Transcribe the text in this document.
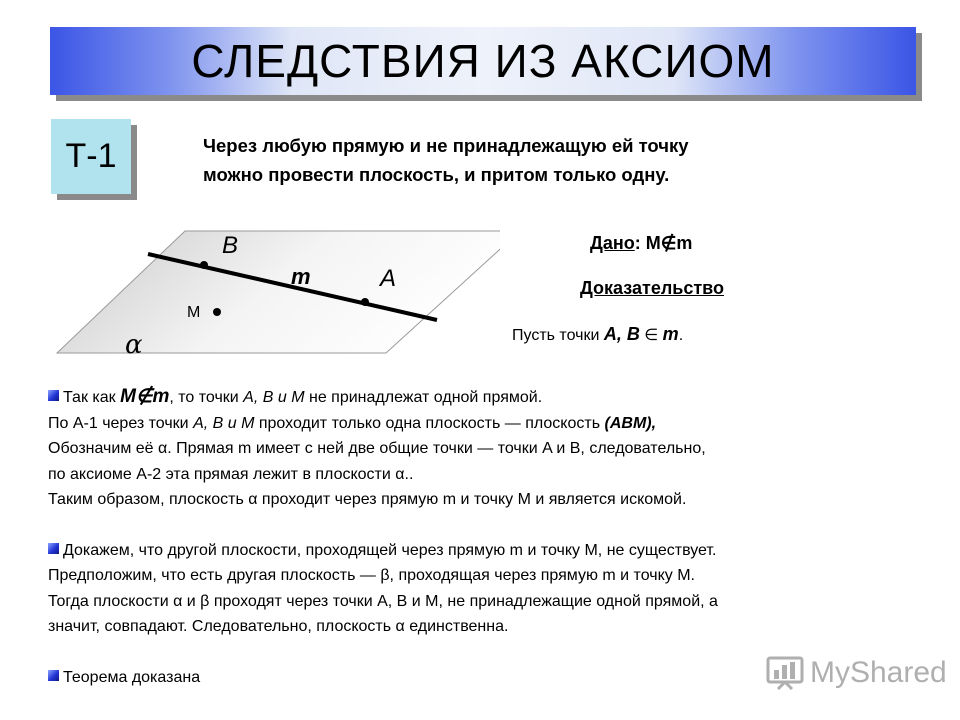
СЛЕДСТВИЯ ИЗ АКСИОМ
Т-1	Через любую прямую и не принадлежащую ей точку
можно провести плоскость, и притом только одну.
B
A
M
m
α
Дано: M∉m
Доказательство
Пусть точки A, B ∈ m.

Так как M∉m, то точки A, B и M не принадлежат одной прямой.

По А-1 через точки A, B и M проходит только одна плоскость — плоскость (ABM),

Обозначим её α. Прямая m имеет с ней две общие точки — точки A и B, следовательно,

по аксиоме А-2 эта прямая лежит в плоскости α..

Таким образом, плоскость α проходит через прямую m и точку M и является искомой.

Докажем, что другой плоскости, проходящей через прямую m и точку M, не существует.

Предположим, что есть другая плоскость — β, проходящая через прямую m и точку M.

Тогда плоскости α и β проходят через точки A, B и M, не принадлежащие одной прямой, а

значит, совпадают. Следовательно, плоскость α единственна.

Теорема доказана	MyShared
